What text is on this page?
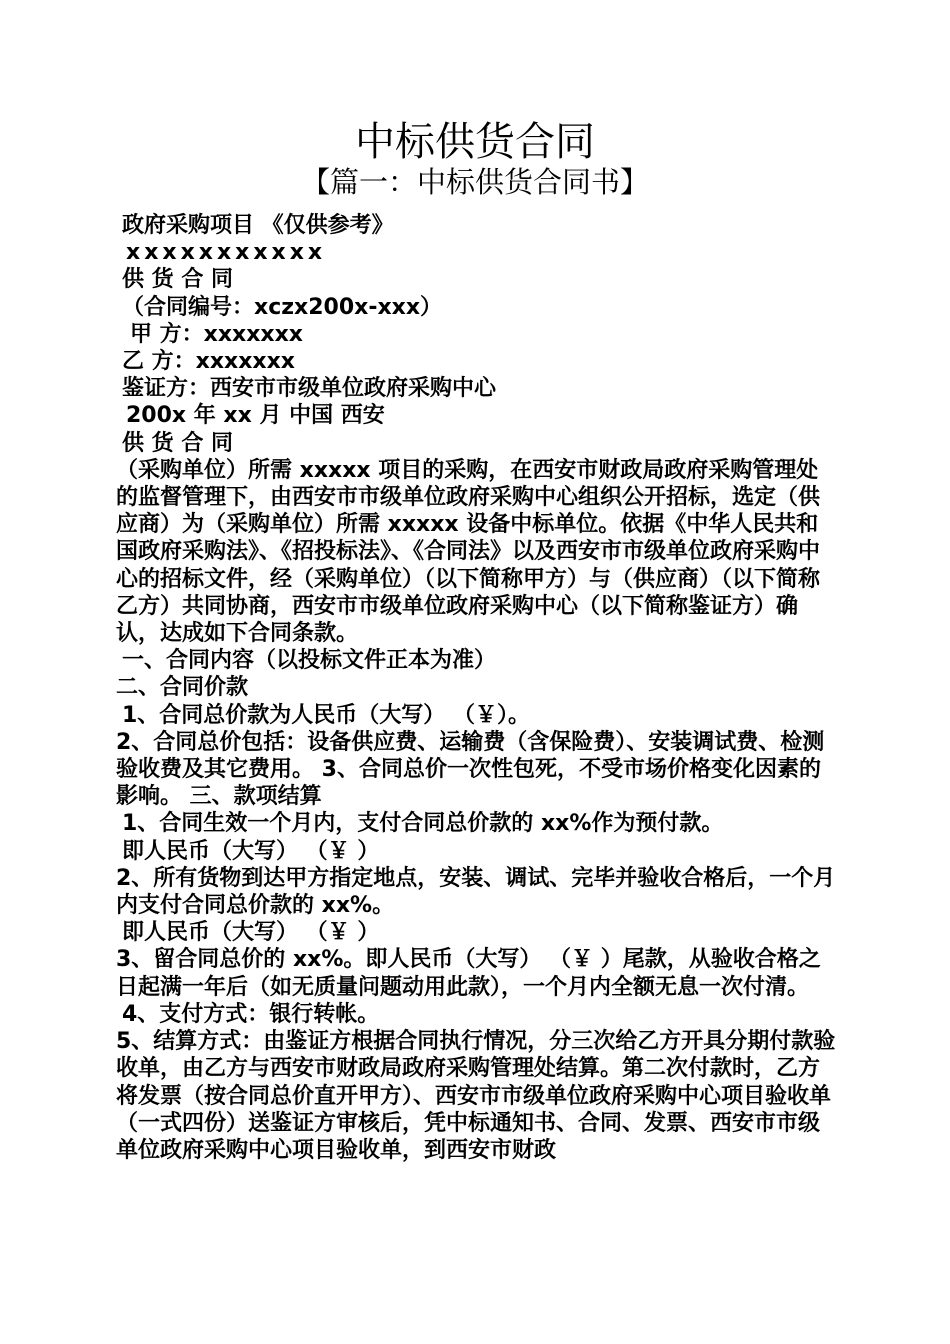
中标供货合同
【篇一：中标供货合同书】
政府采购项目 《仅供参考》
xxxxxxxxxxx
供 货 合 同
（合同编号：xczx200x-xxx）
甲 方：xxxxxxx
乙 方：xxxxxxx
鉴证方：西安市市级单位政府采购中心
200x 年 xx 月 中国 西安
供 货 合 同
（采购单位）所需 xxxxx 项目的采购，在西安市财政局政府采购管理处的监督管理下，由西安市市级单位政府采购中心组织公开招标，选定（供应商）为（采购单位）所需 xxxxx 设备中标单位。依据《中华人民共和国政府采购法》、《招投标法》、《合同法》以及西安市市级单位政府采购中心的招标文件，经（采购单位）（以下简称甲方）与（供应商）（以下简称乙方）共同协商，西安市市级单位政府采购中心（以下简称鉴证方）确认，达成如下合同条款。
一、合同内容（以投标文件正本为准）
二、合同价款
1、合同总价款为人民币（大写） （￥）。
2、合同总价包括：设备供应费、运输费（含保险费）、安装调试费、检测验收费及其它费用。 3、合同总价一次性包死，不受市场价格变化因素的影响。 三、款项结算
1、合同生效一个月内，支付合同总价款的 xx%作为预付款。
即人民币（大写） （￥ ）
2、所有货物到达甲方指定地点，安装、调试、完毕并验收合格后，一个月内支付合同总价款的 xx%。
即人民币（大写） （￥ ）
3、留合同总价的 xx%。即人民币（大写） （￥ ）尾款，从验收合格之日起满一年后（如无质量问题动用此款），一个月内全额无息一次付清。
4、支付方式：银行转帐。
5、结算方式：由鉴证方根据合同执行情况，分三次给乙方开具分期付款验收单，由乙方与西安市财政局政府采购管理处结算。第二次付款时，乙方将发票（按合同总价直开甲方）、西安市市级单位政府采购中心项目验收单（一式四份）送鉴证方审核后，凭中标通知书、合同、发票、西安市市级单位政府采购中心项目验收单，到西安市财政
